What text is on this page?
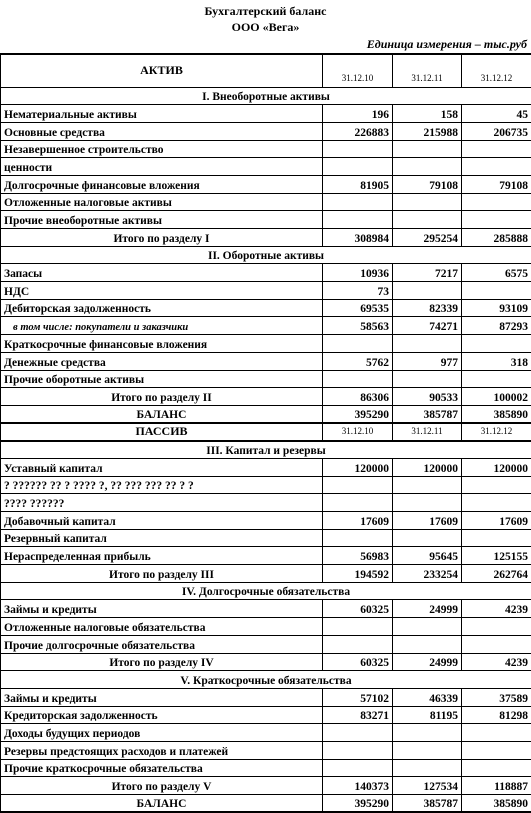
Бухгалтерский баланс
ООО «Вега»
Единица измерения – тыс.руб
АКТИВ	31.12.10	31.12.11	31.12.12
I. Внеоборотные активы			
Нематериальные активы	196	158	45
Основные средства	226883	215988	206735
Незавершенное строительство			
ценности			
Долгосрочные финансовые вложения	81905	79108	79108
Отложенные налоговые активы			
Прочие внеоборотные активы			
Итого по разделу I	308984	295254	285888
II. Оборотные активы			
Запасы	10936	7217	6575
НДС	73		
Дебиторская задолженность	69535	82339	93109
в том числе: покупатели и заказчики	58563	74271	87293
Краткосрочные финансовые вложения			
Денежные средства	5762	977	318
Прочие оборотные активы			
Итого по разделу II	86306	90533	100002
БАЛАНС	395290	385787	385890
ПАССИВ	31.12.10	31.12.11	31.12.12
III. Капитал и резервы			
Уставный капитал	120000	120000	120000
? ?????? ?? ? ???? ?, ?? ??? ??? ?? ? ?			
???? ??????			
Добавочный капитал	17609	17609	17609
Резервный капитал			
Нераспределенная прибыль	56983	95645	125155
Итого по разделу III	194592	233254	262764
IV. Долгосрочные обязательства			
Займы и кредиты	60325	24999	4239
Отложенные налоговые обязательства			
Прочие долгосрочные обязательства			
Итого по разделу IV	60325	24999	4239
V. Краткосрочные обязательства			
Займы и кредиты	57102	46339	37589
Кредиторская задолженность	83271	81195	81298
Доходы будущих периодов			
Резервы предстоящих расходов и платежей			
Прочие краткосрочные обязательства			
Итого по разделу V	140373	127534	118887
БАЛАНС	395290	385787	385890
